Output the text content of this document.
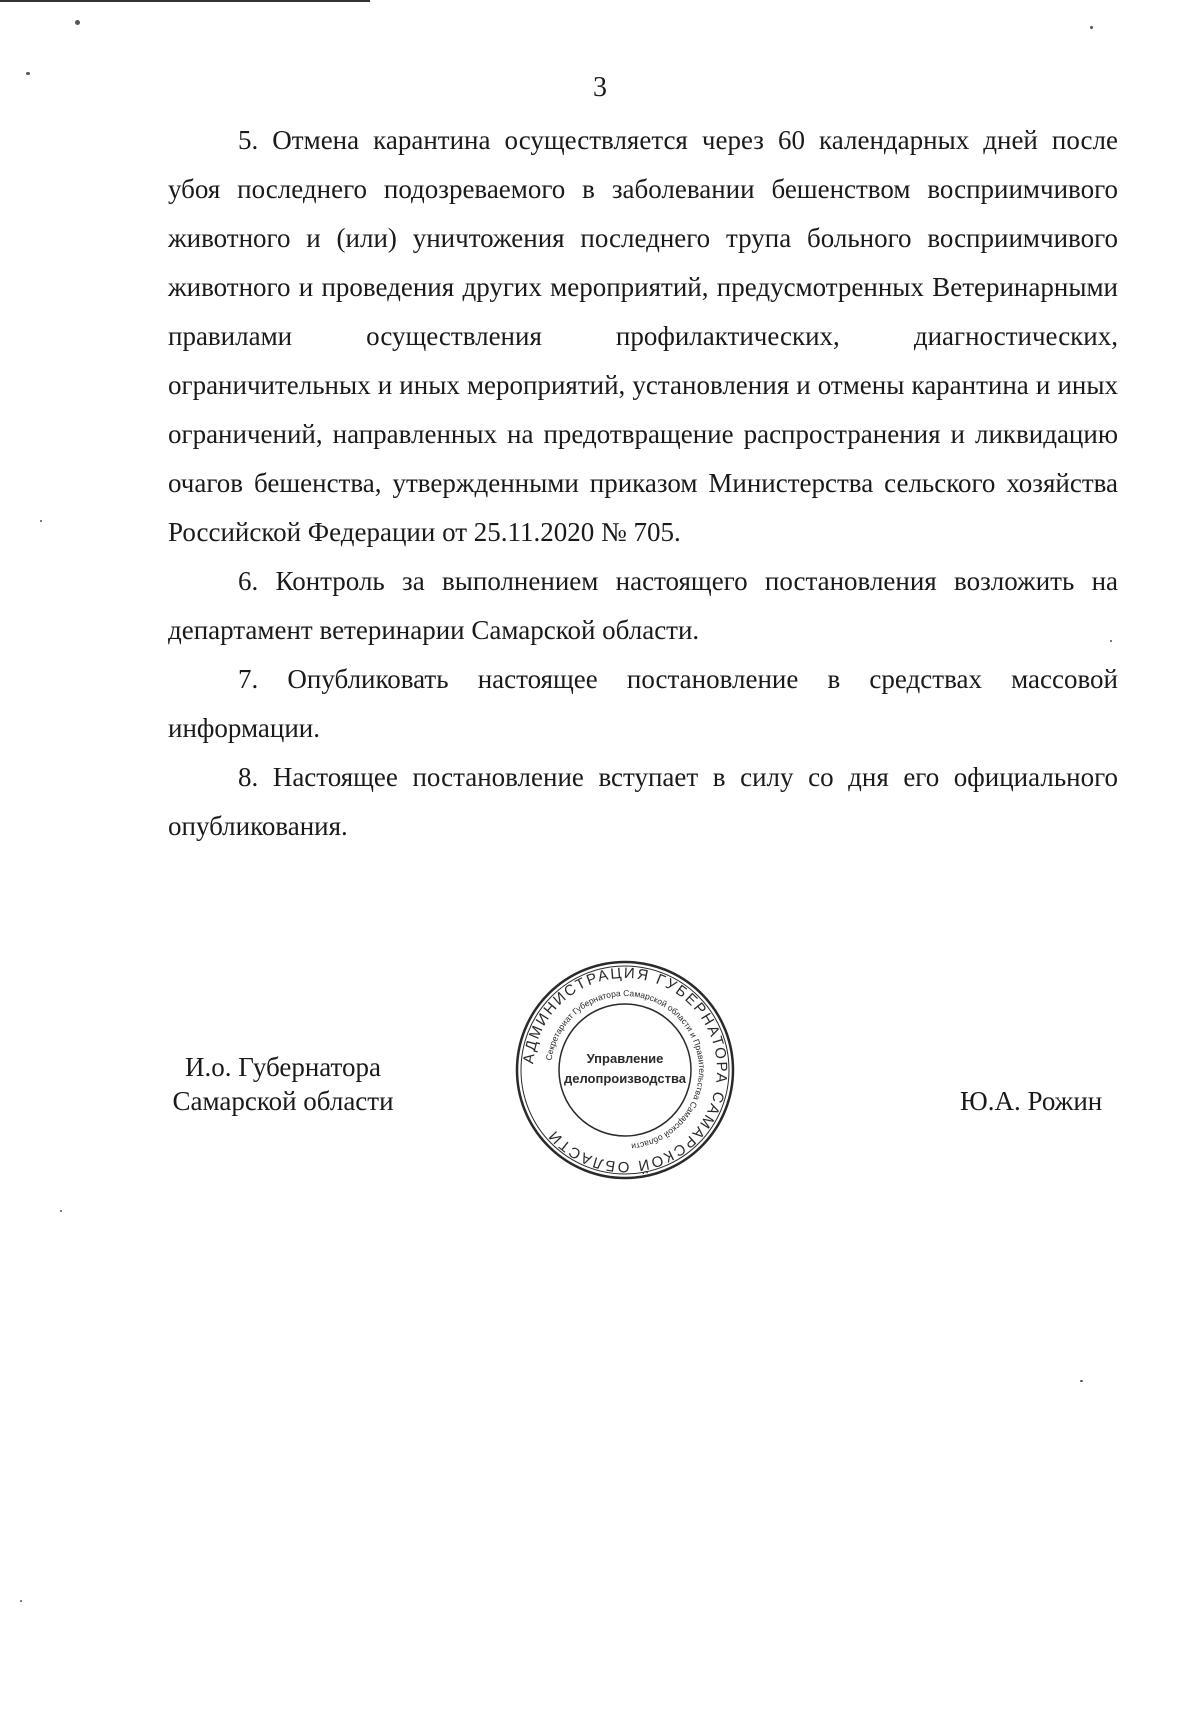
3

5. Отмена карантина осуществляется через 60 календарных дней после убоя последнего подозреваемого в заболевании бешенством восприимчивого животного и (или) уничтожения последнего трупа больного восприимчивого животного и проведения других мероприятий, предусмотренных Ветеринарными правилами осуществления профилактических, диагностических, ограничительных и иных мероприятий, установления и отмены карантина и иных ограничений, направленных на предотвращение распространения и ликвидацию очагов бешенства, утвержденными приказом Министерства сельского хозяйства Российской Федерации от 25.11.2020 № 705.

6. Контроль за выполнением настоящего постановления возложить на департамент ветеринарии Самарской области.

7. Опубликовать настоящее постановление в средствах массовой информации.

8. Настоящее постановление вступает в силу со дня его официального опубликования.

И.о. Губернатора
Самарской области	Ю.А. Рожин
АДМИНИСТРАЦИЯ ГУБЕРНАТОРА САМАРСКОЙ ОБЛАСТИ
Секретариат Губернатора Самарской области и Правительства Самарской области
Управление
делопроизводства
